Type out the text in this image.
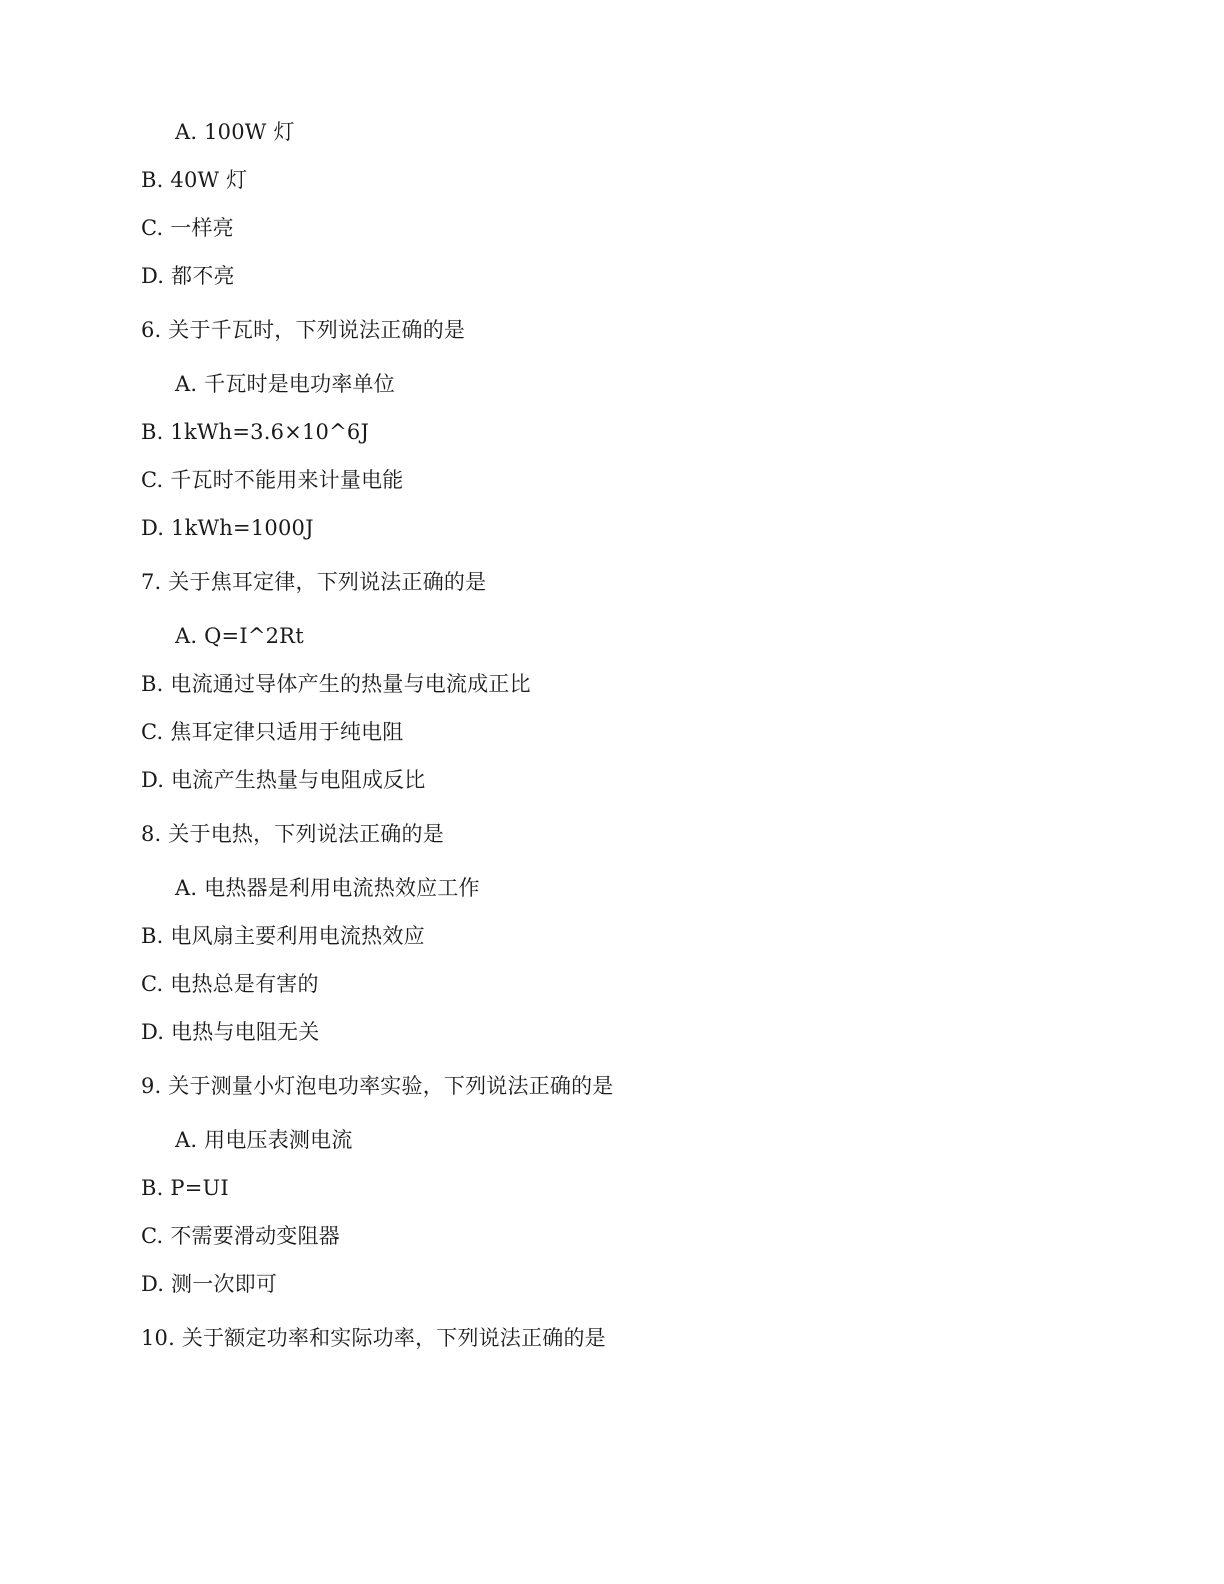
A. 100W 灯
B. 40W 灯
C. 一样亮
D. 都不亮
6. 关于千瓦时，下列说法正确的是
A. 千瓦时是电功率单位
B. 1kWh=3.6×10^6J
C. 千瓦时不能用来计量电能
D. 1kWh=1000J
7. 关于焦耳定律，下列说法正确的是
A. Q=I^2Rt
B. 电流通过导体产生的热量与电流成正比
C. 焦耳定律只适用于纯电阻
D. 电流产生热量与电阻成反比
8. 关于电热，下列说法正确的是
A. 电热器是利用电流热效应工作
B. 电风扇主要利用电流热效应
C. 电热总是有害的
D. 电热与电阻无关
9. 关于测量小灯泡电功率实验，下列说法正确的是
A. 用电压表测电流
B. P=UI
C. 不需要滑动变阻器
D. 测一次即可
10. 关于额定功率和实际功率，下列说法正确的是
